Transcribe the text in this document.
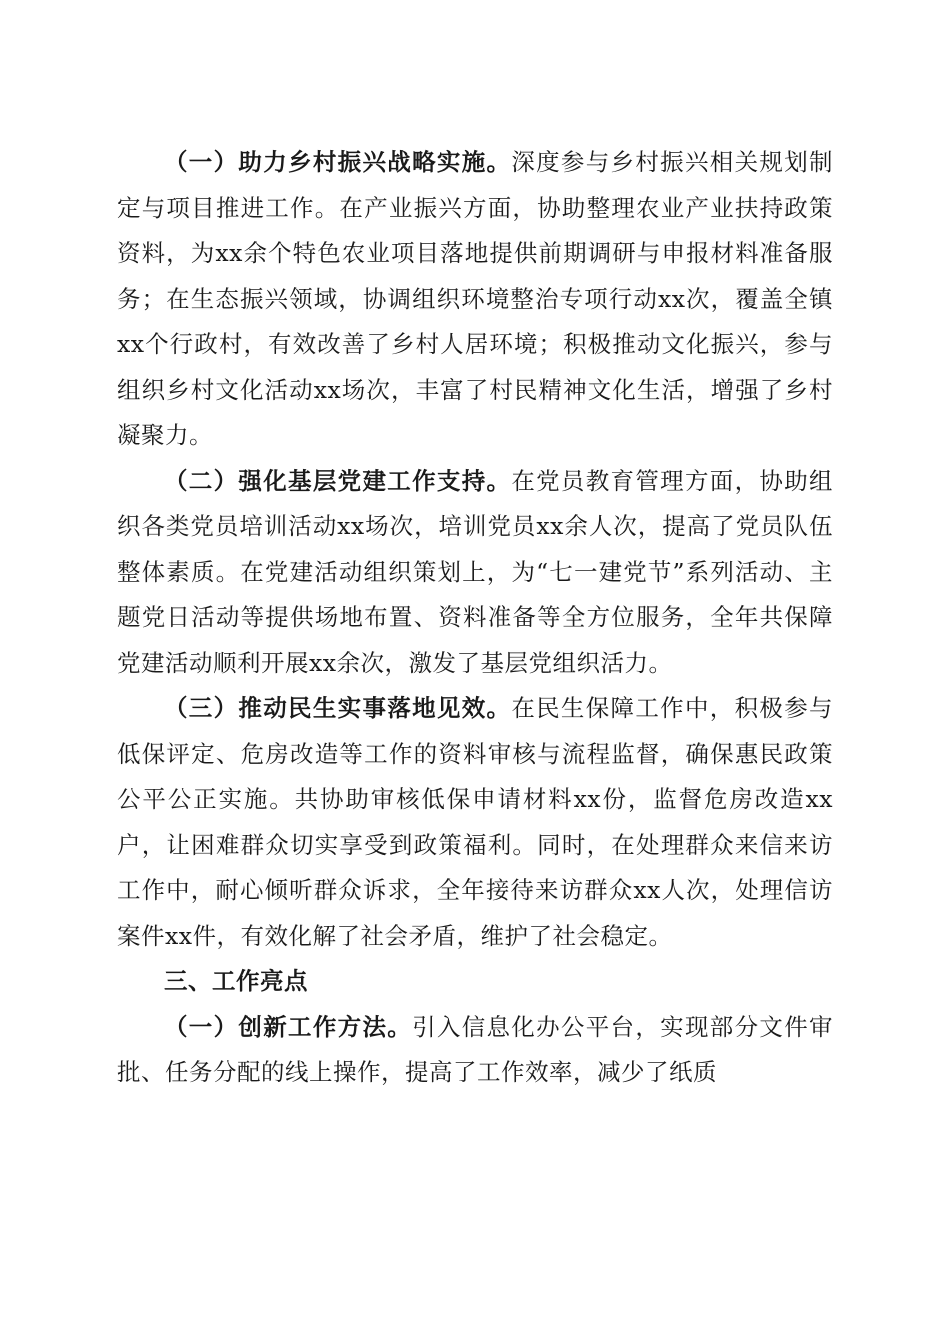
（一）助力乡村振兴战略实施。深度参与乡村振兴相关规划制定与项目推进工作。在产业振兴方面，协助整理农业产业扶持政策资料，为xx余个特色农业项目落地提供前期调研与申报材料准备服务；在生态振兴领域，协调组织环境整治专项行动xx次，覆盖全镇xx个行政村，有效改善了乡村人居环境；积极推动文化振兴，参与组织乡村文化活动xx场次，丰富了村民精神文化生活，增强了乡村凝聚力。

（二）强化基层党建工作支持。在党员教育管理方面，协助组织各类党员培训活动xx场次，培训党员xx余人次，提高了党员队伍整体素质。在党建活动组织策划上，为“七一建党节”系列活动、主题党日活动等提供场地布置、资料准备等全方位服务，全年共保障党建活动顺利开展xx余次，激发了基层党组织活力。

（三）推动民生实事落地见效。在民生保障工作中，积极参与低保评定、危房改造等工作的资料审核与流程监督，确保惠民政策公平公正实施。共协助审核低保申请材料xx份，监督危房改造xx户，让困难群众切实享受到政策福利。同时，在处理群众来信来访工作中，耐心倾听群众诉求，全年接待来访群众xx人次，处理信访案件xx件，有效化解了社会矛盾，维护了社会稳定。

三、工作亮点

（一）创新工作方法。引入信息化办公平台，实现部分文件审批、任务分配的线上操作，提高了工作效率，减少了纸质
